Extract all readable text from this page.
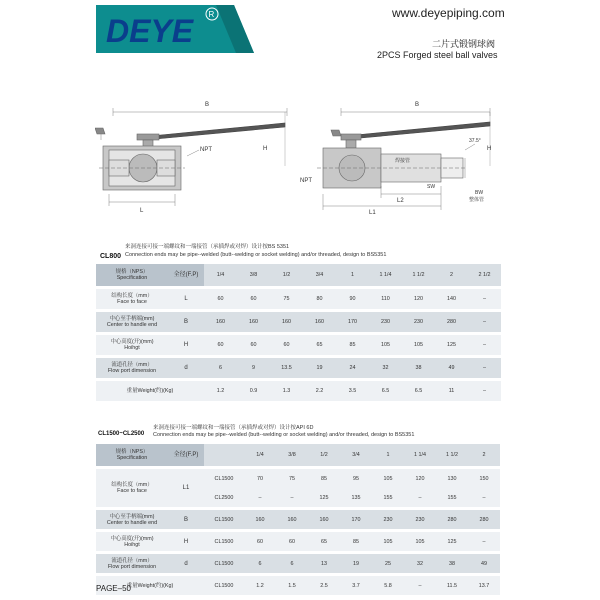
DEYE R	www.deyepiping.com
二片式锻钢球阀
2PCS Forged steel ball valves
B
H
NPT
L
B
H
NPT
L1
L2
SW
焊接管
37.5°
BW
整体管
来洞连接可接一端螺纹和一端接管（承插焊或对焊）设计按BS 5351
CL800 Connection ends may be pipe--welded (butt--welding or socket welding) and/or threaded, design to BS5351
规格（NPS）
Specification	全径(F.P)	1/4	3/8	1/2	3/4	1	1 1/4	1 1/2	2	2 1/2

结构长度（mm）
Face to face	L	60	60	75	80	90	110	120	140	–

中心至手柄端(mm)
Center to handle end	B	160	160	160	160	170	230	230	280	–

中心高度(开)(mm)
Hoihgt	H	60	60	60	65	85	105	105	125	–

流道孔径（mm）
Flow port dimension	d	6	9	13.5	19	24	32	38	49	–

重量Weight(约)(Kg)		1.2	0.9	1.3	2.2	3.5	6.5	6.5	11	–
来洞连接可接一端螺纹和一端接管（承插焊或对焊）设计按API 6D
CL1500~CL2500 Connection ends may be pipe--welded (butt--welding or socket welding) and/or threaded, design to BS5351
规格（NPS）
Specification	全径(F.P)		1/4	3/8	1/2	3/4	1	1 1/4	1 1/2	2

结构长度（mm）
Face to face	L1	CL1500	70	75	85	95	105	120	130	150
		CL2500	–	–	125	135	155	–	155	–

中心至手柄端(mm)
Center to handle end	B	CL1500	160	160	160	170	230	230	280	280

中心高度(开)(mm)
Hoihgt	H	CL1500	60	60	65	85	105	105	125	–

流道孔径（mm）
Flow port dimension	d	CL1500	6	6	13	19	25	32	38	49

重量Weight(约)(Kg)		CL1500	1.2	1.5	2.5	3.7	5.8	–	11.5	13.7
PAGE–50
